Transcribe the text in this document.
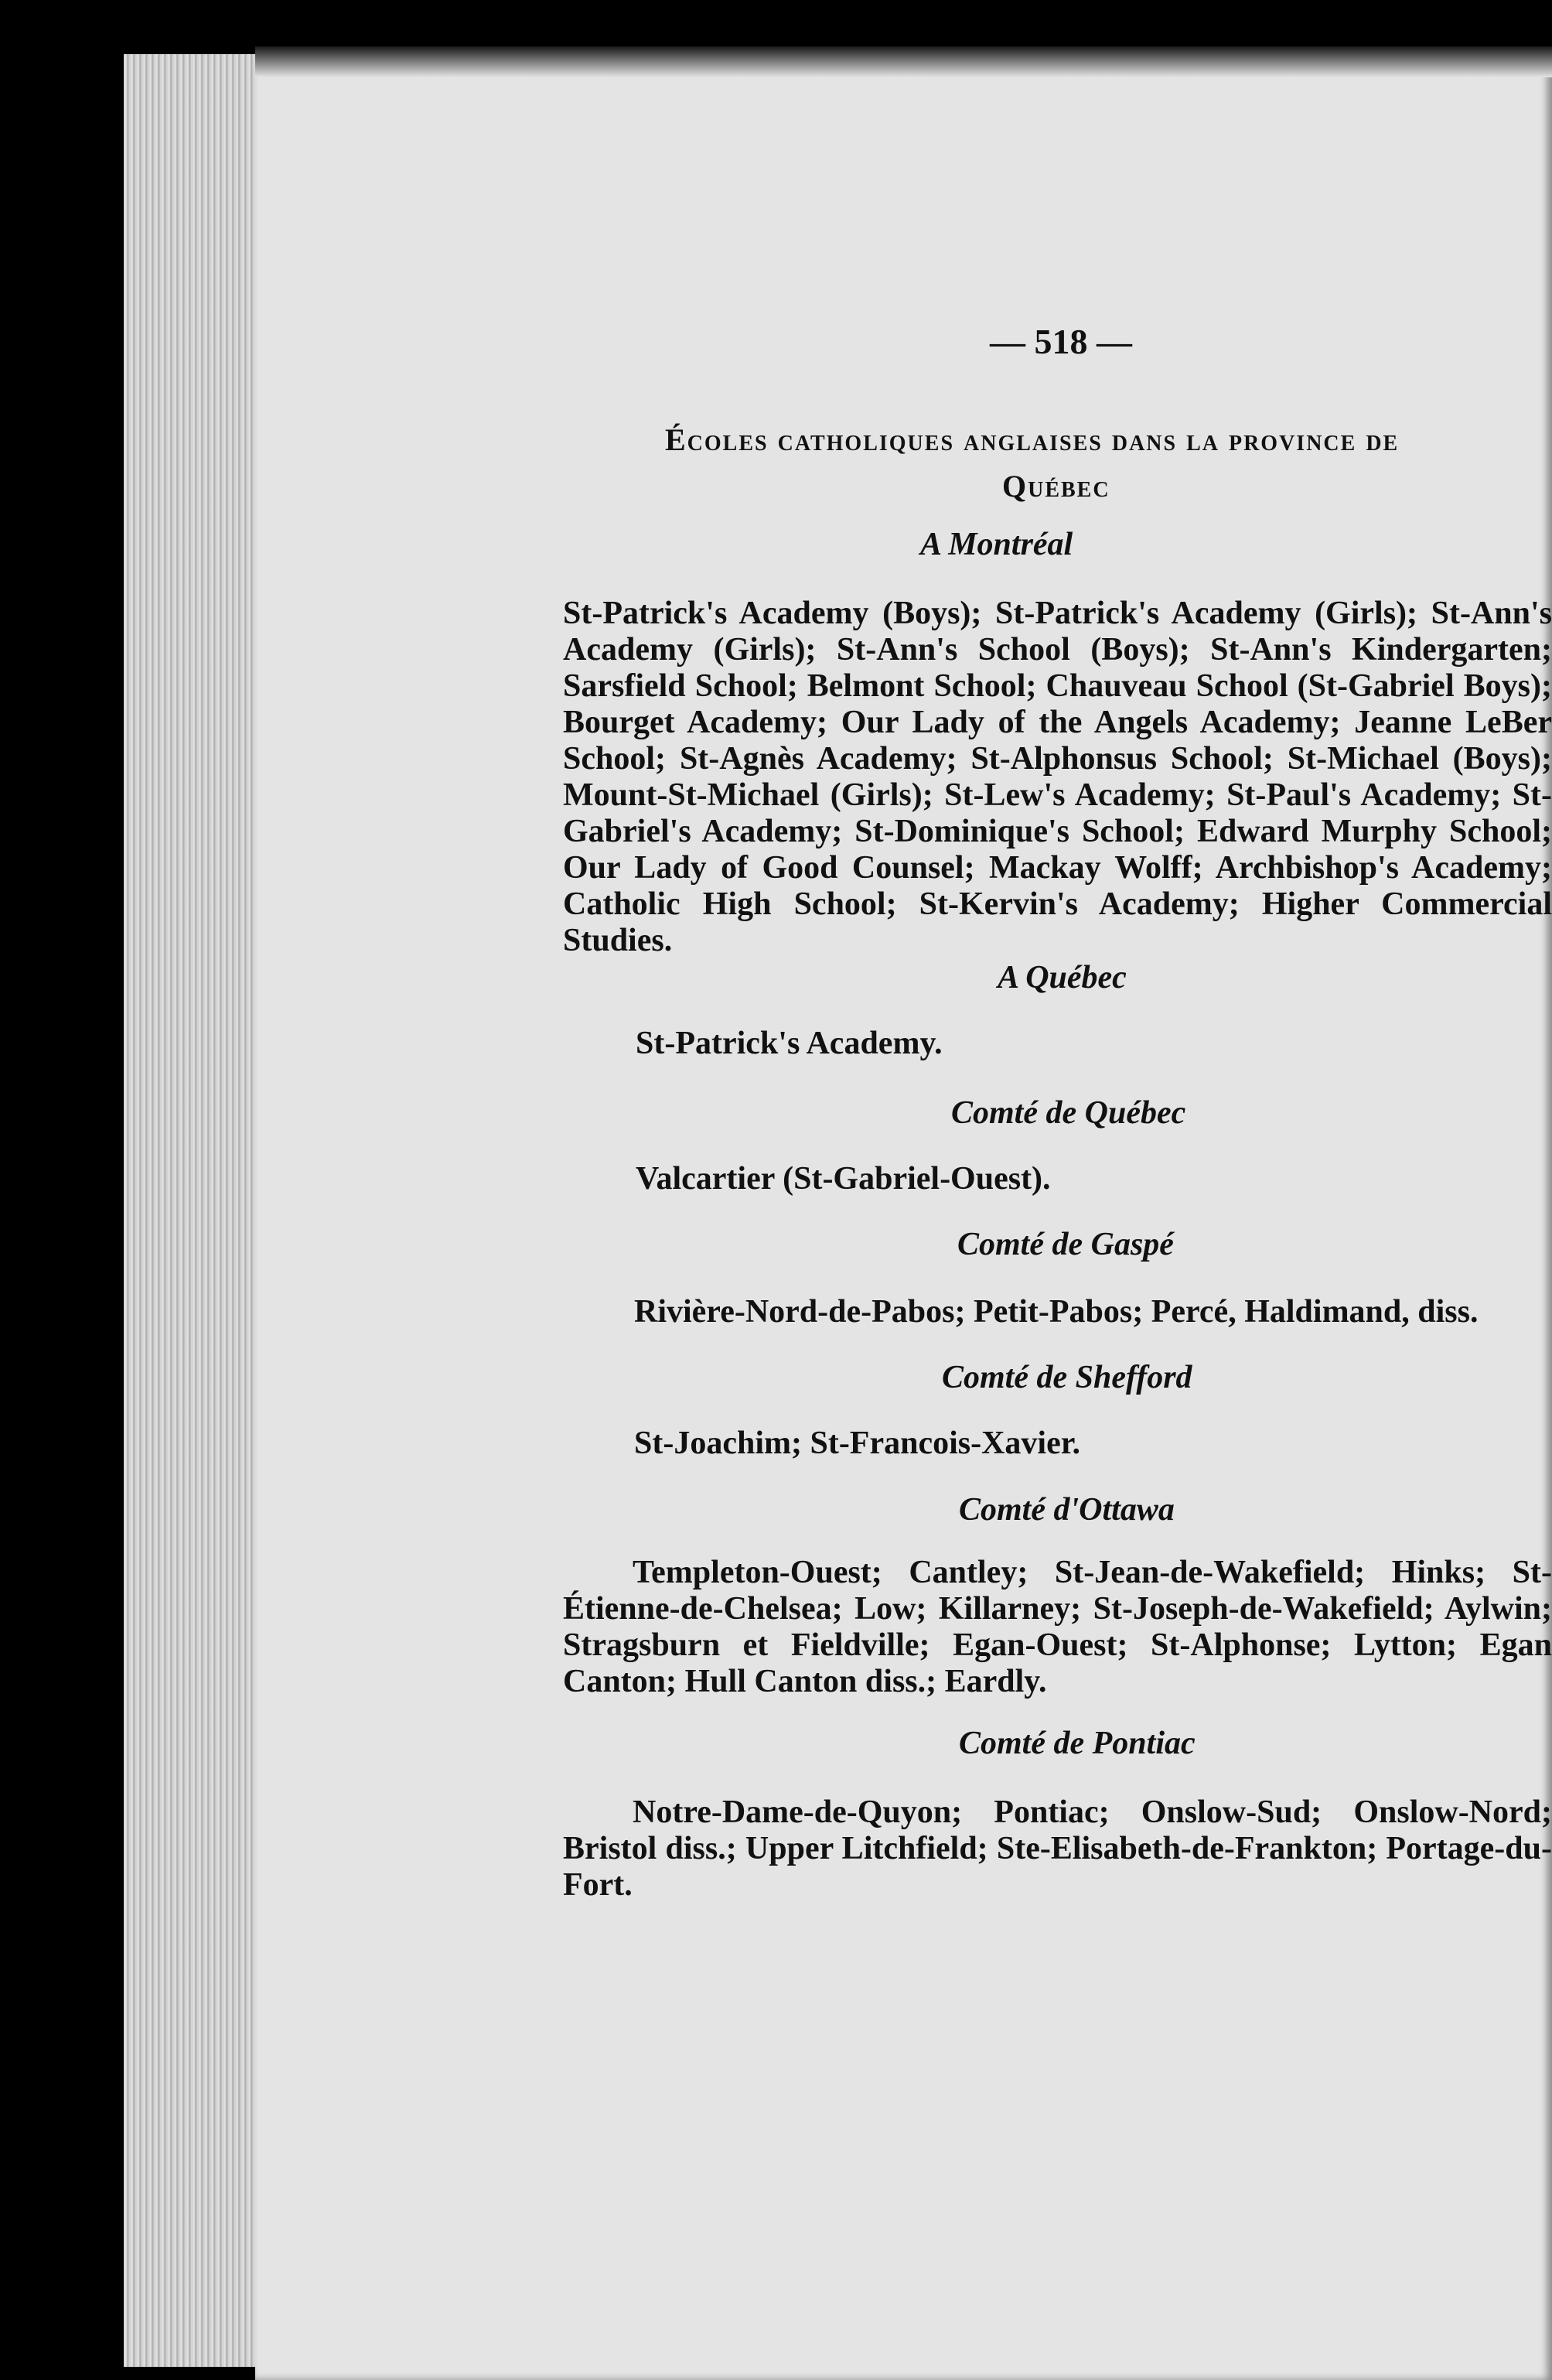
— 518 —
Écoles catholiques anglaises dans la province de
Québec
A Montréal
St-Patrick's Academy (Boys); St-Patrick's Academy (Girls); St-Ann's Academy (Girls); St-Ann's School (Boys); St-Ann's Kindergarten; Sarsfield School; Belmont School; Chauveau School (St-Gabriel Boys); Bourget Academy; Our Lady of the Angels Academy; Jeanne LeBer School; St-Agnès Academy; St-Alphonsus School; St-Michael (Boys); Mount-St-Michael (Girls); St-Lew's Academy; St-Paul's Academy; St-Gabriel's Academy; St-Dominique's School; Edward Murphy School; Our Lady of Good Counsel; Mackay Wolff; Archbishop's Academy; Catholic High School; St-Kervin's Academy; Higher Commercial Studies.
A Québec
St-Patrick's Academy.
Comté de Québec
Valcartier (St-Gabriel-Ouest).
Comté de Gaspé
Rivière-Nord-de-Pabos; Petit-Pabos; Percé, Haldimand, diss.
Comté de Shefford
St-Joachim; St-Francois-Xavier.
Comté d'Ottawa
Templeton-Ouest; Cantley; St-Jean-de-Wakefield; Hinks; St-Étienne-de-Chelsea; Low; Killarney; St-Joseph-de-Wakefield; Aylwin; Stragsburn et Fieldville; Egan-Ouest; St-Alphonse; Lytton; Egan Canton; Hull Canton diss.; Eardly.
Comté de Pontiac
Notre-Dame-de-Quyon; Pontiac; Onslow-Sud; Onslow-Nord; Bristol diss.; Upper Litchfield; Ste-Elisabeth-de-Frankton; Portage-du-Fort.
